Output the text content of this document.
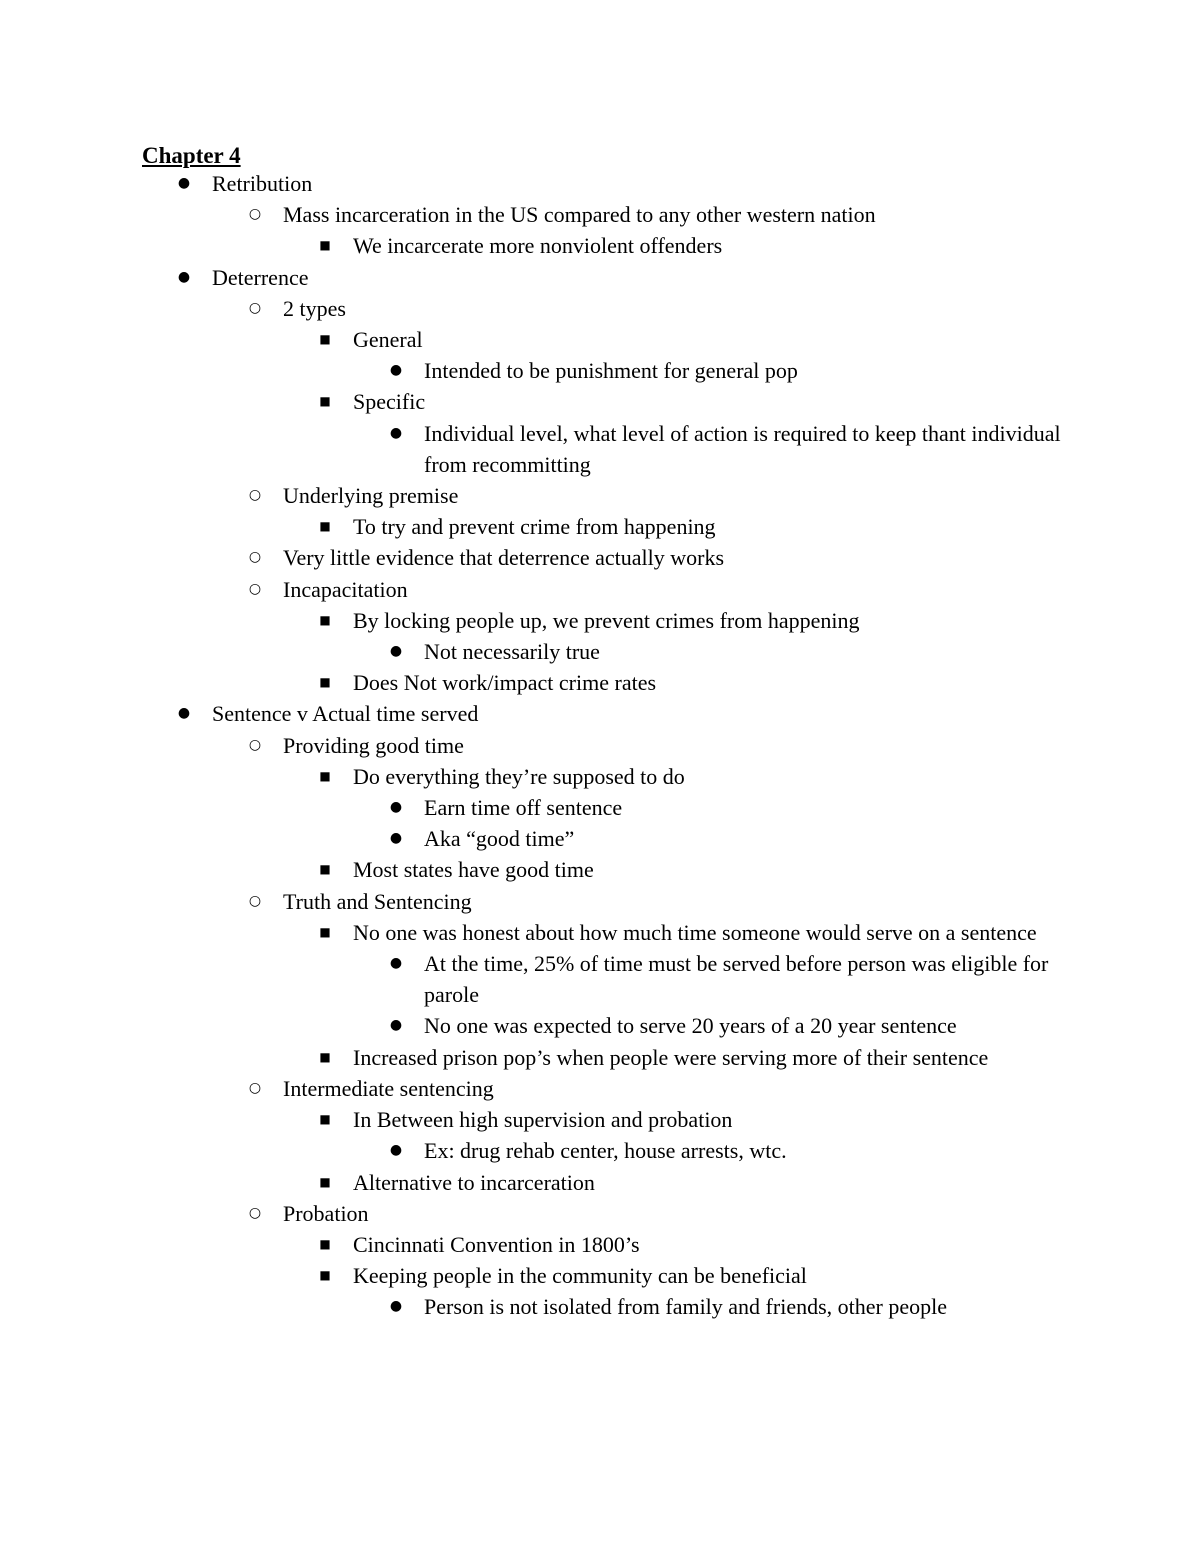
Chapter 4
● Retribution
○ Mass incarceration in the US compared to any other western nation
■ We incarcerate more nonviolent offenders
● Deterrence
○ 2 types
■ General
● Intended to be punishment for general pop
■ Specific
● Individual level, what level of action is required to keep thant individual from recommitting
○ Underlying premise
■ To try and prevent crime from happening
○ Very little evidence that deterrence actually works
○ Incapacitation
■ By locking people up, we prevent crimes from happening
● Not necessarily true
■ Does Not work/impact crime rates
● Sentence v Actual time served
○ Providing good time
■ Do everything they’re supposed to do
● Earn time off sentence
● Aka “good time”
■ Most states have good time
○ Truth and Sentencing
■ No one was honest about how much time someone would serve on a sentence
● At the time, 25% of time must be served before person was eligible for parole
● No one was expected to serve 20 years of a 20 year sentence
■ Increased prison pop’s when people were serving more of their sentence
○ Intermediate sentencing
■ In Between high supervision and probation
● Ex: drug rehab center, house arrests, wtc.
■ Alternative to incarceration
○ Probation
■ Cincinnati Convention in 1800’s
■ Keeping people in the community can be beneficial
● Person is not isolated from family and friends, other people
